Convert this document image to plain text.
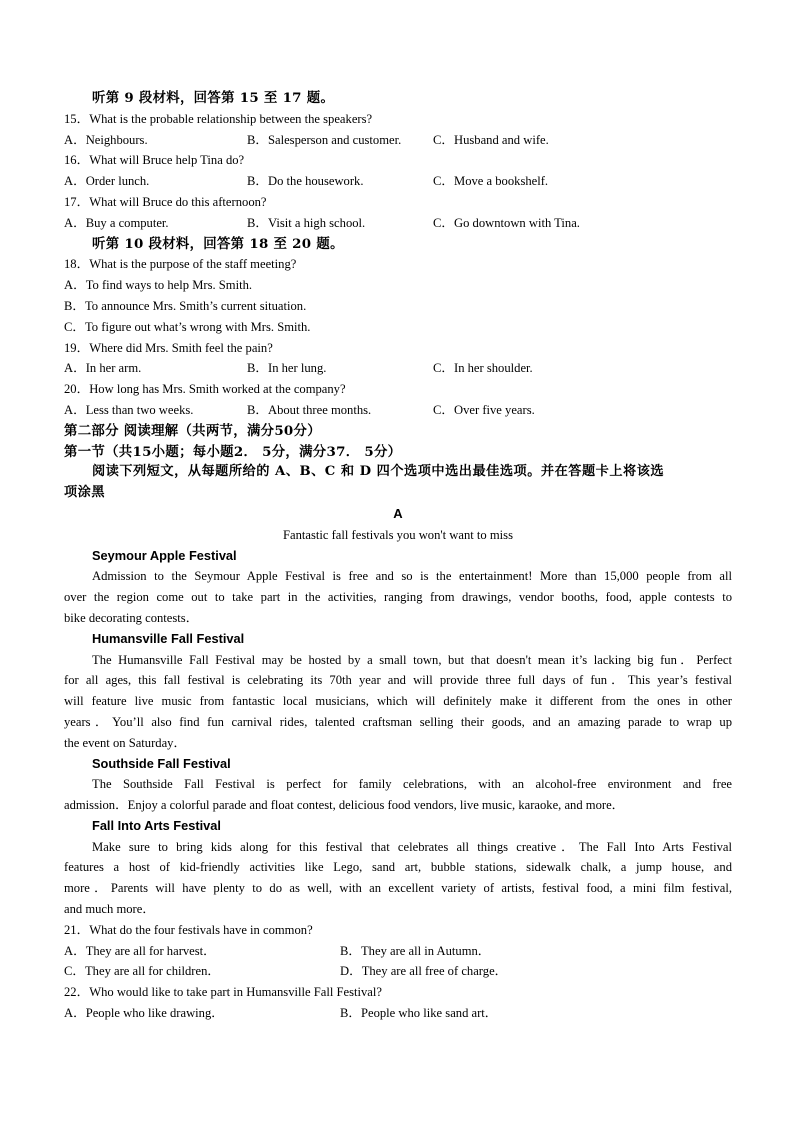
听第 9 段材料，回答第 15 至 17 题。
15．What is the probable relationship between the speakers?
A．Neighbours.	B．Salesperson and customer.	C．Husband and wife.
16．What will Bruce help Tina do?
A．Order lunch.	B．Do the housework.	C．Move a bookshelf.
17．What will Bruce do this afternoon?
A．Buy a computer.	B．Visit a high school.	C．Go downtown with Tina.
听第 10 段材料，回答第 18 至 20 题。
18．What is the purpose of the staff meeting?
A．To find ways to help Mrs. Smith.
B．To announce Mrs. Smith’s current situation.
C．To figure out what’s wrong with Mrs. Smith.
19．Where did Mrs. Smith feel the pain?
A．In her arm.	B．In her lung.	C．In her shoulder.
20．How long has Mrs. Smith worked at the company?
A．Less than two weeks.	B．About three months.	C．Over five years.
第二部分 阅读理解（共两节，满分50分）
第一节（共15小题；每小题2． 5分，满分37． 5分）
阅读下列短文，从每题所给的 A、B、C 和 D 四个选项中选出最佳选项。并在答题卡上将该选
项涂黑
A
Fantastic fall festivals you won't want to miss
Seymour Apple Festival
Admission to the Seymour Apple Festival is free and so is the entertainment! More than 15,000 people from all
over the region come out to take part in the activities, ranging from drawings, vendor booths, food, apple contests to
bike decorating contests．
Humansville Fall Festival
The Humansville Fall Festival may be hosted by a small town, but that doesn't mean it’s lacking big fun．Perfect
for all ages, this fall festival is celebrating its 70th year and will provide three full days of fun．This year’s festival
will feature live music from fantastic local musicians, which will definitely make it different from the ones in other
years．You’ll also find fun carnival rides, talented craftsman selling their goods, and an amazing parade to wrap up
the event on Saturday．
Southside Fall Festival
The Southside Fall Festival is perfect for family celebrations, with an alcohol-free environment and free
admission．Enjoy a colorful parade and float contest, delicious food vendors, live music, karaoke, and more．
Fall Into Arts Festival
Make sure to bring kids along for this festival that celebrates all things creative．The Fall Into Arts Festival
features a host of kid-friendly activities like Lego, sand art, bubble stations, sidewalk chalk, a jump house, and
more．Parents will have plenty to do as well, with an excellent variety of artists, festival food, a mini film festival,
and much more．
21．What do the four festivals have in common?
A．They are all for harvest．	B．They are all in Autumn．
C．They are all for children．	D．They are all free of charge．
22．Who would like to take part in Humansville Fall Festival?
A．People who like drawing．	B．People who like sand art．
